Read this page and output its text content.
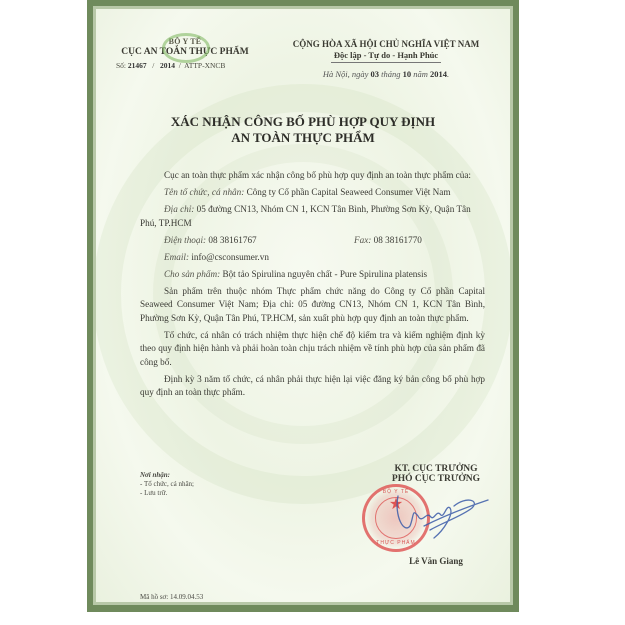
BỘ Y TẾ
CỤC AN TOÀN THỰC PHẨM
Số: 21467   /   2014  /  ATTP-XNCB
CỘNG HÒA XÃ HỘI CHỦ NGHĨA VIỆT NAM
Độc lập - Tự do - Hạnh Phúc
Hà Nội, ngày 03 tháng 10 năm 2014.
XÁC NHẬN CÔNG BỐ PHÙ HỢP QUY ĐỊNH
AN TOÀN THỰC PHẨM

Cục an toàn thực phẩm xác nhận công bố phù hợp quy định an toàn thực phẩm của:

Tên tổ chức, cá nhân: Công ty Cổ phần Capital Seaweed Consumer Việt Nam

Địa chỉ: 05 đường CN13, Nhóm CN 1, KCN Tân Bình, Phường Sơn Kỳ, Quận Tân Phú, TP.HCM

Điện thoại: 08 38161767	Fax: 08 38161770

Email: info@csconsumer.vn

Cho sản phẩm: Bột tảo Spirulina nguyên chất - Pure Spirulina platensis

Sản phẩm trên thuộc nhóm Thực phẩm chức năng do Công ty Cổ phần Capital Seaweed Consumer Việt Nam; Địa chỉ: 05 đường CN13, Nhóm CN 1, KCN Tân Bình, Phường Sơn Kỳ, Quận Tân Phú, TP.HCM, sản xuất phù hợp quy định an toàn thực phẩm.

Tổ chức, cá nhân có trách nhiệm thực hiện chế độ kiểm tra và kiểm nghiệm định kỳ theo quy định hiện hành và phải hoàn toàn chịu trách nhiệm về tính phù hợp của sản phẩm đã công bố.

Định kỳ 3 năm tổ chức, cá nhân phải thực hiện lại việc đăng ký bản công bố phù hợp quy định an toàn thực phẩm.

Nơi nhận:
- Tổ chức, cá nhân;
- Lưu trữ.
KT. CỤC TRƯỞNG
PHÓ CỤC TRƯỞNG
BỘ Y TẾ
★
THỰC PHẨM
Lê Văn Giang
Mã hồ sơ: 14.09.04.53
